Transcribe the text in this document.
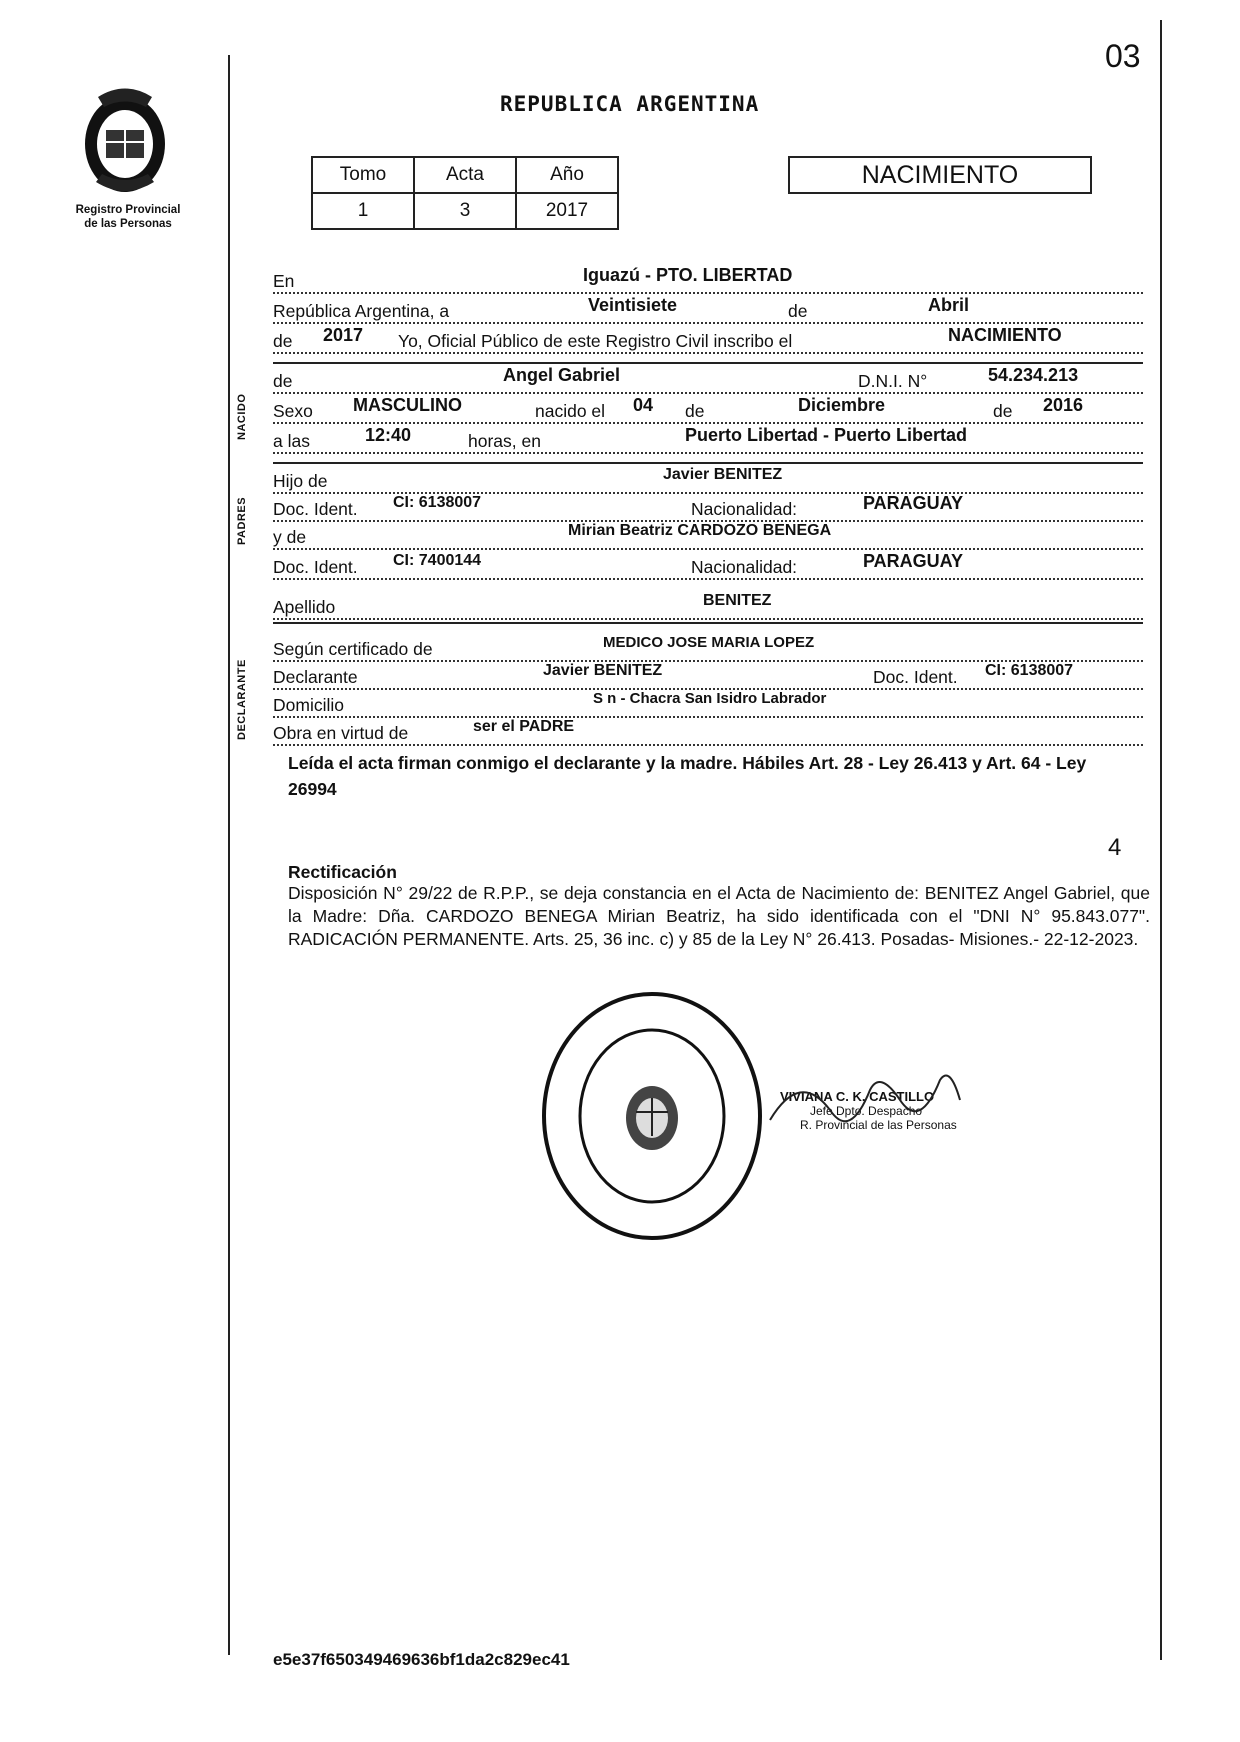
03
Registro Provincial
de las Personas
REPUBLICA ARGENTINA
Tomo	Acta	Año
1	3	2017
NACIMIENTO
En	Iguazú - PTO. LIBERTAD
República Argentina, a	Veintisiete	de	Abril
de 2017 Yo, Oficial Público de este Registro Civil inscribo el	NACIMIENTO
NACIDO
de	Angel Gabriel	D.N.I. N°	54.234.213
Sexo MASCULINO	nacido el 04 de	Diciembre	de 2016
a las	12:40	horas, en	Puerto Libertad - Puerto Libertad
PADRES
Hijo de	Javier BENITEZ
Doc. Ident. CI: 6138007	Nacionalidad:	PARAGUAY
y de	Mirian Beatriz CARDOZO BENEGA
Doc. Ident. CI: 7400144	Nacionalidad:	PARAGUAY
Apellido	BENITEZ
DECLARANTE
Según certificado de	MEDICO JOSE MARIA LOPEZ
Declarante	Javier BENITEZ	Doc. Ident. CI: 6138007
Domicilio	S n - Chacra San Isidro Labrador
Obra en virtud de	ser el PADRE
Leída el acta firman conmigo el declarante y la madre. Hábiles Art. 28 - Ley 26.413 y Art. 64 - Ley 26994
4
Rectificación
Disposición N° 29/22 de R.P.P., se deja constancia en el Acta de Nacimiento de: BENITEZ Angel Gabriel, que la Madre: Dña. CARDOZO BENEGA Mirian Beatriz, ha sido identificada con el "DNI N° 95.843.077". RADICACIÓN PERMANENTE. Arts. 25, 36 inc. c) y 85 de la Ley N° 26.413. Posadas- Misiones.- 22-12-2023.
VIVIANA C. K. CASTILLO
Jefe Dpto. Despacho
R. Provincial de las Personas
e5e37f650349469636bf1da2c829ec41
